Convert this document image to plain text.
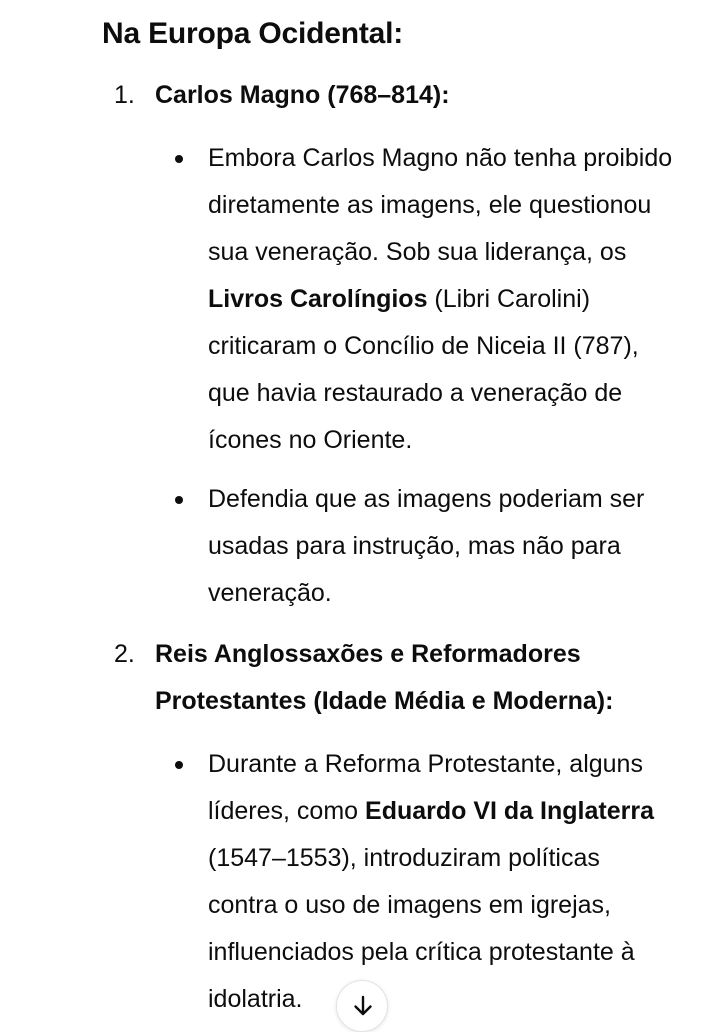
Na Europa Ocidental:
1. Carlos Magno (768–814):
Embora Carlos Magno não tenha proibido
diretamente as imagens, ele questionou
sua veneração. Sob sua liderança, os
Livros Carolíngios (Libri Carolini)
criticaram o Concílio de Niceia II (787),
que havia restaurado a veneração de
ícones no Oriente.
Defendia que as imagens poderiam ser
usadas para instrução, mas não para
veneração.
2. Reis Anglossaxões e Reformadores
Protestantes (Idade Média e Moderna):
Durante a Reforma Protestante, alguns
líderes, como Eduardo VI da Inglaterra
(1547–1553), introduziram políticas
contra o uso de imagens em igrejas,
influenciados pela crítica protestante à
idolatria.
